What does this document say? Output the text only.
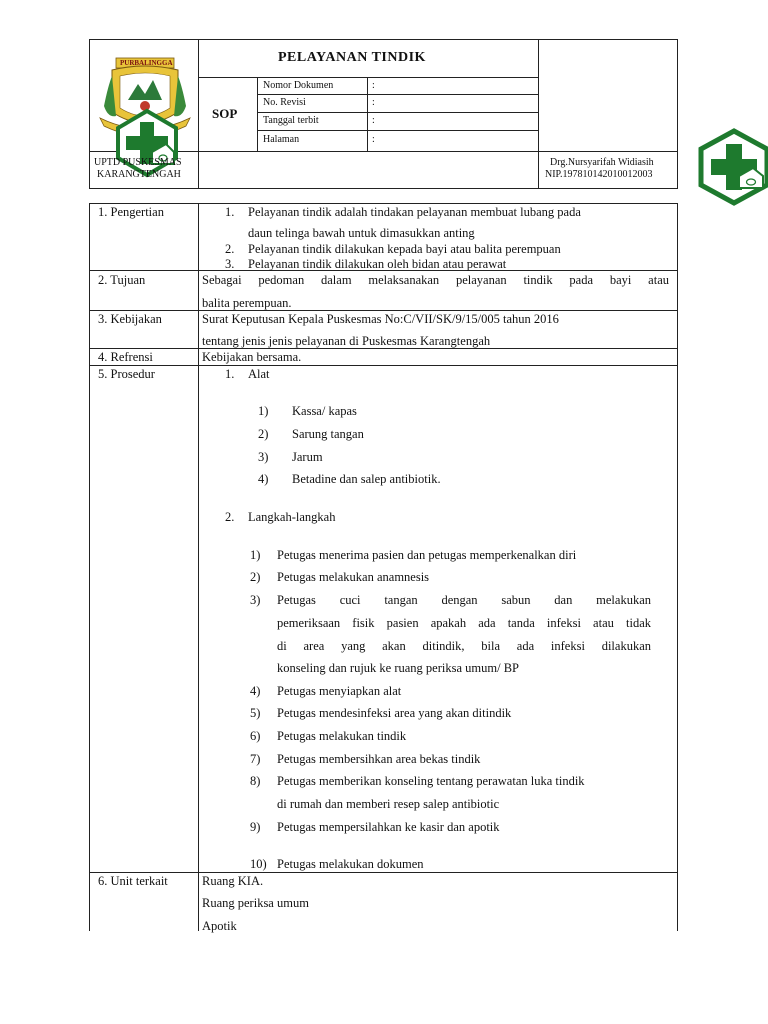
PURBALINGGA	PELAYANAN TINDIK
SOP
Nomor Dokumen	:
No. Revisi	:
Tanggal terbit	:
Halaman	:
UPTD PUSKESMAS
KARANGTENGAH
Drg.Nursyarifah Widiasih
NIP.197810142010012003
1. Pengertian	1. Pelayanan tindik adalah tindakan pelayanan membuat lubang pada
daun telinga bawah untuk dimasukkan anting
2. Pelayanan tindik dilakukan kepada bayi atau balita perempuan
3. Pelayanan tindik dilakukan oleh bidan atau perawat
2. Tujuan	Sebagai pedoman dalam melaksanakan pelayanan tindik pada bayi atau
balita perempuan.
3. Kebijakan	Surat Keputusan Kepala Puskesmas No:C/VII/SK/9/15/005 tahun 2016
tentang jenis jenis pelayanan di Puskesmas Karangtengah
4. Refrensi	Kebijakan bersama.
5. Prosedur	1. Alat
1) Kassa/ kapas
2) Sarung tangan
3) Jarum
4) Betadine dan salep antibiotik.
2. Langkah-langkah
1) Petugas menerima pasien dan petugas memperkenalkan diri
2) Petugas melakukan anamnesis
3) Petugas cuci tangan dengan sabun dan melakukan
pemeriksaan fisik pasien apakah ada tanda infeksi atau tidak
di area yang akan ditindik, bila ada infeksi dilakukan
konseling dan rujuk ke ruang periksa umum/ BP
4) Petugas menyiapkan alat
5) Petugas mendesinfeksi area yang akan ditindik
6) Petugas melakukan tindik
7) Petugas membersihkan area bekas tindik
8) Petugas memberikan konseling tentang perawatan luka tindik
di rumah dan memberi resep salep antibiotic
9) Petugas mempersilahkan ke kasir dan apotik
10) Petugas melakukan dokumen
6. Unit terkait	Ruang KIA.
Ruang periksa umum
Apotik
